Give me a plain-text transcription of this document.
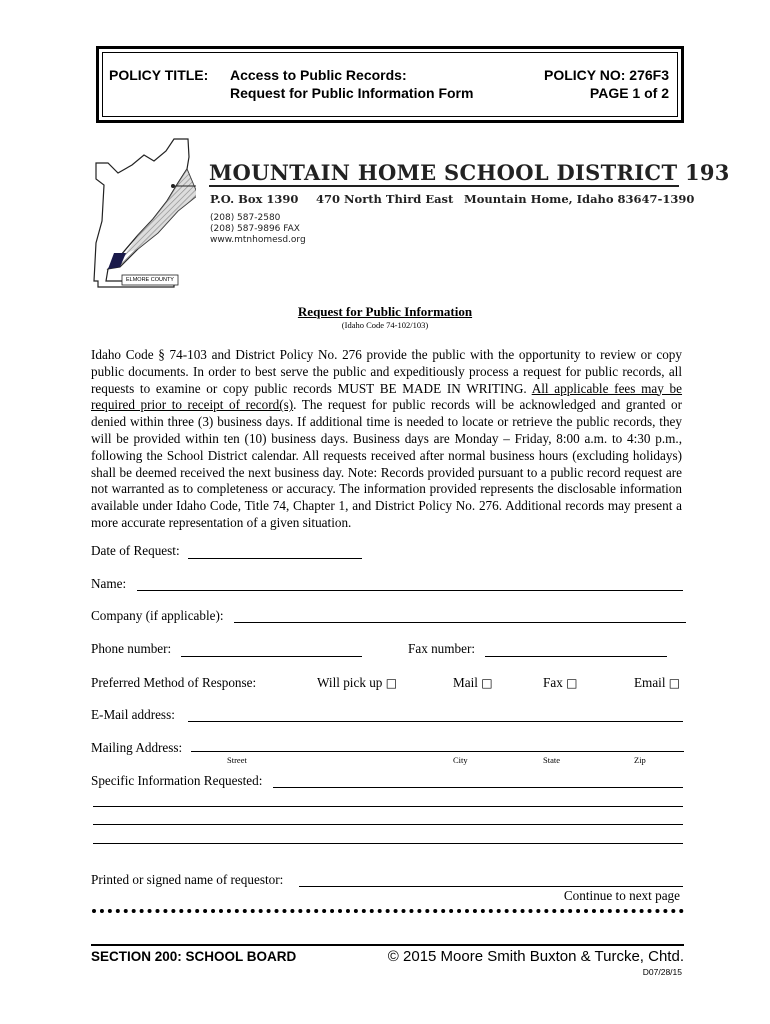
POLICY TITLE: Access to Public Records:
Request for Public Information Form
POLICY NO: 276F3
PAGE 1 of 2
ELMORE COUNTY
MOUNTAIN HOME SCHOOL DISTRICT 193
P.O. Box 1390 470 North Third East Mountain Home, Idaho 83647-1390
(208) 587-2580
(208) 587-9896 FAX
www.mtnhomesd.org
Request for Public Information
(Idaho Code 74-102/103)
Idaho Code § 74-103 and District Policy No. 276 provide the public with the opportunity to review or copy public documents. In order to best serve the public and expeditiously process a request for public records, all requests to examine or copy public records MUST BE MADE IN WRITING. All applicable fees may be required prior to receipt of record(s). The request for public records will be acknowledged and granted or denied within three (3) business days. If additional time is needed to locate or retrieve the public records, they will be provided within ten (10) business days. Business days are Monday – Friday, 8:00 a.m. to 4:30 p.m., following the School District calendar. All requests received after normal business hours (excluding holidays) shall be deemed received the next business day. Note: Records provided pursuant to a public record request are not warranted as to completeness or accuracy. The information provided represents the disclosable information available under Idaho Code, Title 74, Chapter 1, and District Policy No. 276. Additional records may present a more accurate representation of a given situation.
Date of Request:
Name:
Company (if applicable):
Phone number:	Fax number:
Preferred Method of Response:	Will pick up □	Mail □	Fax □	Email □
E-Mail address:
Mailing Address:
Street	City	State	Zip
Specific Information Requested:
Printed or signed name of requestor:
Continue to next page
SECTION 200: SCHOOL BOARD	© 2015 Moore Smith Buxton & Turcke, Chtd.
D07/28/15
